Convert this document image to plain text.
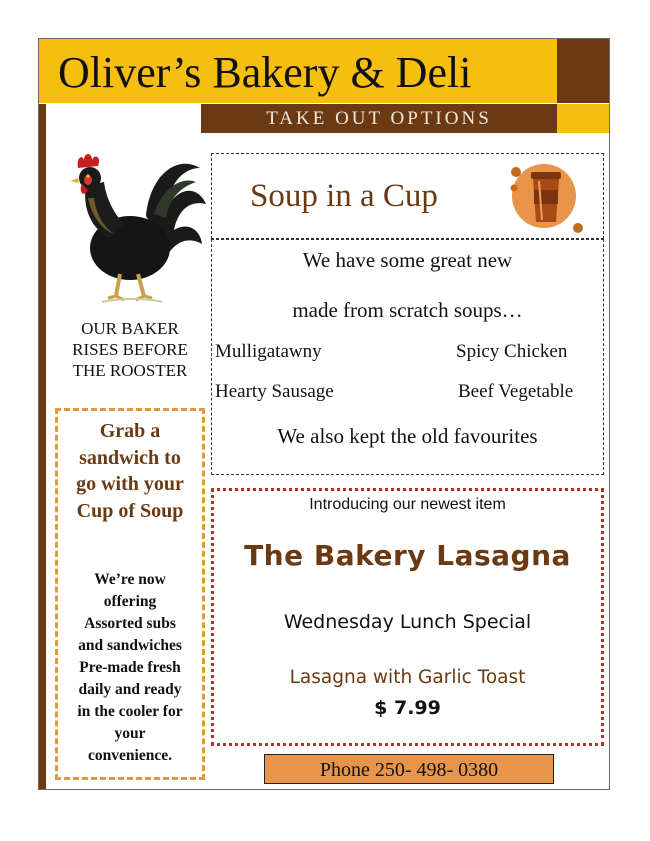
Oliver’s Bakery & Deli
TAKE OUT OPTIONS
OUR BAKER
RISES BEFORE
THE ROOSTER
Grab a
sandwich to
go with your
Cup of Soup
We’re now
offering
Assorted subs
and sandwiches
Pre-made fresh
daily and ready
in the cooler for
your
convenience.
Soup in a Cup
We have some great new
made from scratch soups…
Mulligatawny	Spicy Chicken
Hearty Sausage	Beef Vegetable
We also kept the old favourites
Introducing our newest item
The Bakery Lasagna
Wednesday Lunch Special
Lasagna with Garlic Toast
$ 7.99
Phone 250- 498- 0380
